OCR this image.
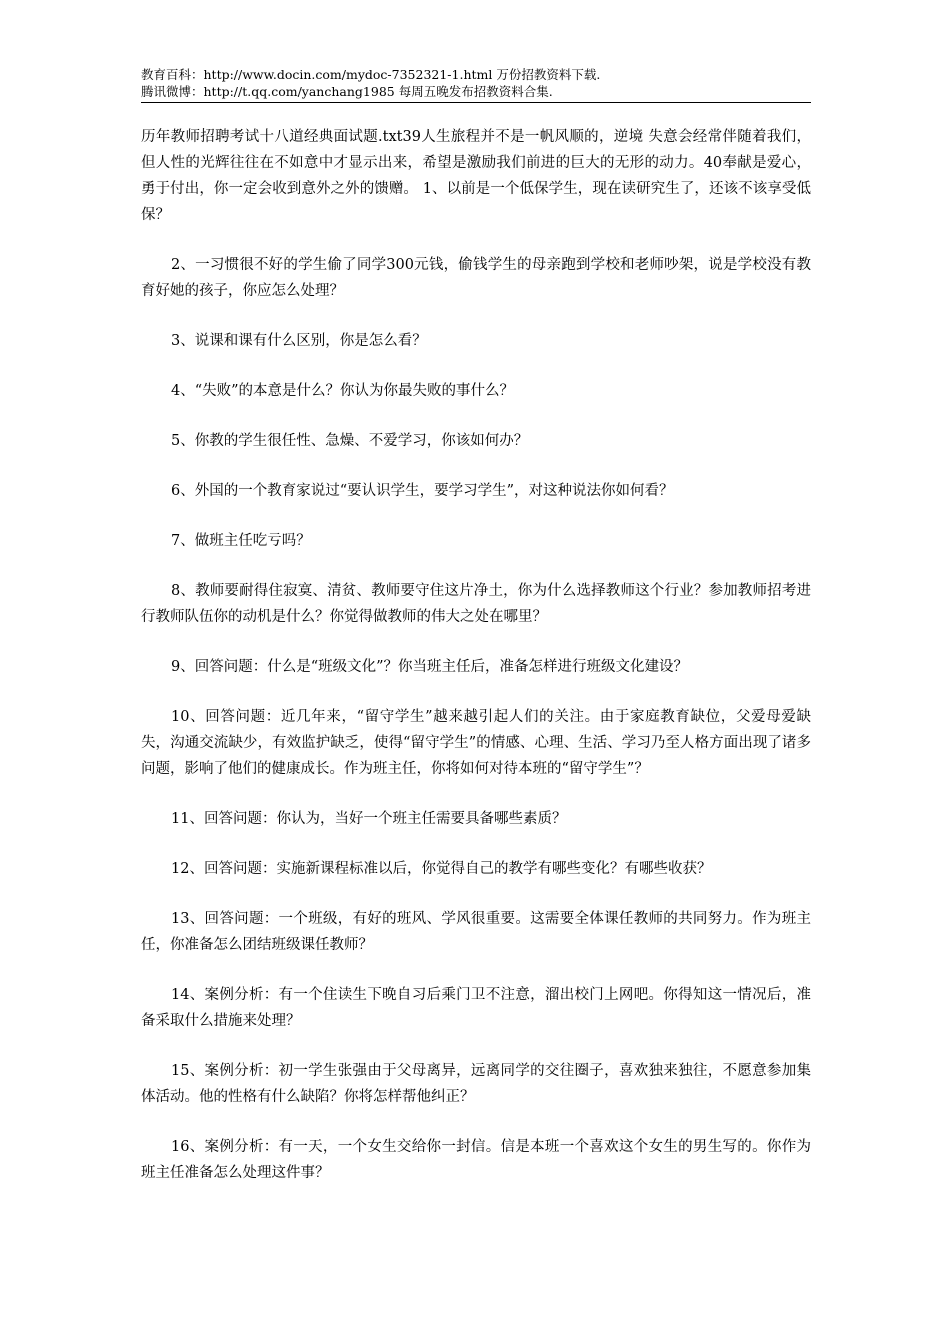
教育百科：http://www.docin.com/mydoc-7352321-1.html 万份招教资料下载.
腾讯微博：http://t.qq.com/yanchang1985 每周五晚发布招教资料合集.

历年教师招聘考试十八道经典面试题.txt39人生旅程并不是一帆风顺的，逆境 失意会经常伴随着我们，但人性的光辉往往在不如意中才显示出来，希望是激励我们前进的巨大的无形的动力。40奉献是爱心，勇于付出，你一定会收到意外之外的馈赠。 1、以前是一个低保学生，现在读研究生了，还该不该享受低保？

2、一习惯很不好的学生偷了同学300元钱，偷钱学生的母亲跑到学校和老师吵架，说是学校没有教育好她的孩子，你应怎么处理？

3、说课和课有什么区别，你是怎么看？

4、“失败”的本意是什么？你认为你最失败的事什么？

5、你教的学生很任性、急燥、不爱学习，你该如何办？

6、外国的一个教育家说过“要认识学生，要学习学生”，对这种说法你如何看？

7、做班主任吃亏吗？

8、教师要耐得住寂寞、清贫、教师要守住这片净土，你为什么选择教师这个行业？参加教师招考进行教师队伍你的动机是什么？你觉得做教师的伟大之处在哪里？

9、回答问题：什么是“班级文化”？你当班主任后，准备怎样进行班级文化建设？

10、回答问题：近几年来，“留守学生”越来越引起人们的关注。由于家庭教育缺位，父爱母爱缺失，沟通交流缺少，有效监护缺乏，使得“留守学生”的情感、心理、生活、学习乃至人格方面出现了诸多问题，影响了他们的健康成长。作为班主任，你将如何对待本班的“留守学生”？

11、回答问题：你认为，当好一个班主任需要具备哪些素质？

12、回答问题：实施新课程标准以后，你觉得自己的教学有哪些变化？有哪些收获？

13、回答问题：一个班级，有好的班风、学风很重要。这需要全体课任教师的共同努力。作为班主任，你准备怎么团结班级课任教师？

14、案例分析：有一个住读生下晚自习后乘门卫不注意，溜出校门上网吧。你得知这一情况后，准备采取什么措施来处理？

15、案例分析：初一学生张强由于父母离异，远离同学的交往圈子，喜欢独来独往，不愿意参加集体活动。他的性格有什么缺陷？你将怎样帮他纠正？

16、案例分析：有一天，一个女生交给你一封信。信是本班一个喜欢这个女生的男生写的。你作为班主任准备怎么处理这件事？
